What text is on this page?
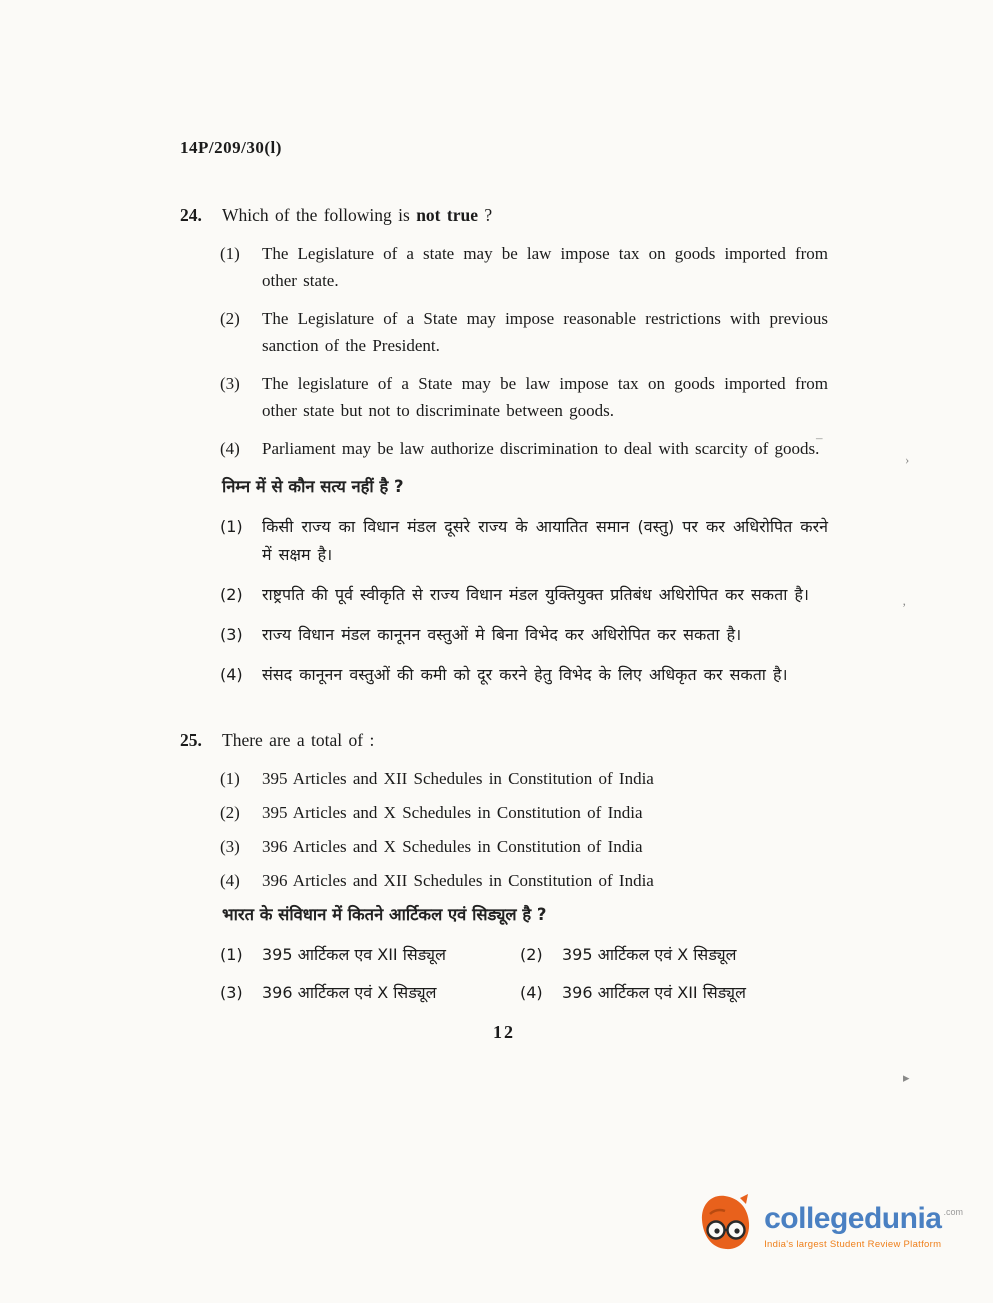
14P/209/30(l)
24.	Which of the following is not true ?
(1)	The Legislature of a state may be law impose tax on goods imported from other state.
(2)	The Legislature of a State may impose reasonable restrictions with previous sanction of the President.
(3)	The legislature of a State may be law impose tax on goods imported from other state but not to discriminate between goods.
(4)	Parliament may be law authorize discrimination to deal with scarcity of goods.
निम्न में से कौन सत्य नहीं है ?
(1)	किसी राज्य का विधान मंडल दूसरे राज्य के आयातित समान (वस्तु) पर कर अधिरोपित करने में सक्षम है।
(2)	राष्ट्रपति की पूर्व स्वीकृति से राज्य विधान मंडल युक्तियुक्त प्रतिबंध अधिरोपित कर सकता है।
(3)	राज्य विधान मंडल कानूनन वस्तुओं मे बिना विभेद कर अधिरोपित कर सकता है।
(4)	संसद कानूनन वस्तुओं की कमी को दूर करने हेतु विभेद के लिए अधिकृत कर सकता है।
25.	There are a total of :
(1)	395 Articles and XII Schedules in Constitution of India
(2)	395 Articles and X Schedules in Constitution of India
(3)	396 Articles and X Schedules in Constitution of India
(4)	396 Articles and XII Schedules in Constitution of India
भारत के संविधान में कितने आर्टिकल एवं सिड्यूल है ?
(1)	395 आर्टिकल एव XII सिड्यूल	(2)	395 आर्टिकल एवं X सिड्यूल
(3)	396 आर्टिकल एवं X सिड्यूल	(4)	396 आर्टिकल एवं XII सिड्यूल
12
›
’
–
▸
collegedunia .com
India's largest Student Review Platform
